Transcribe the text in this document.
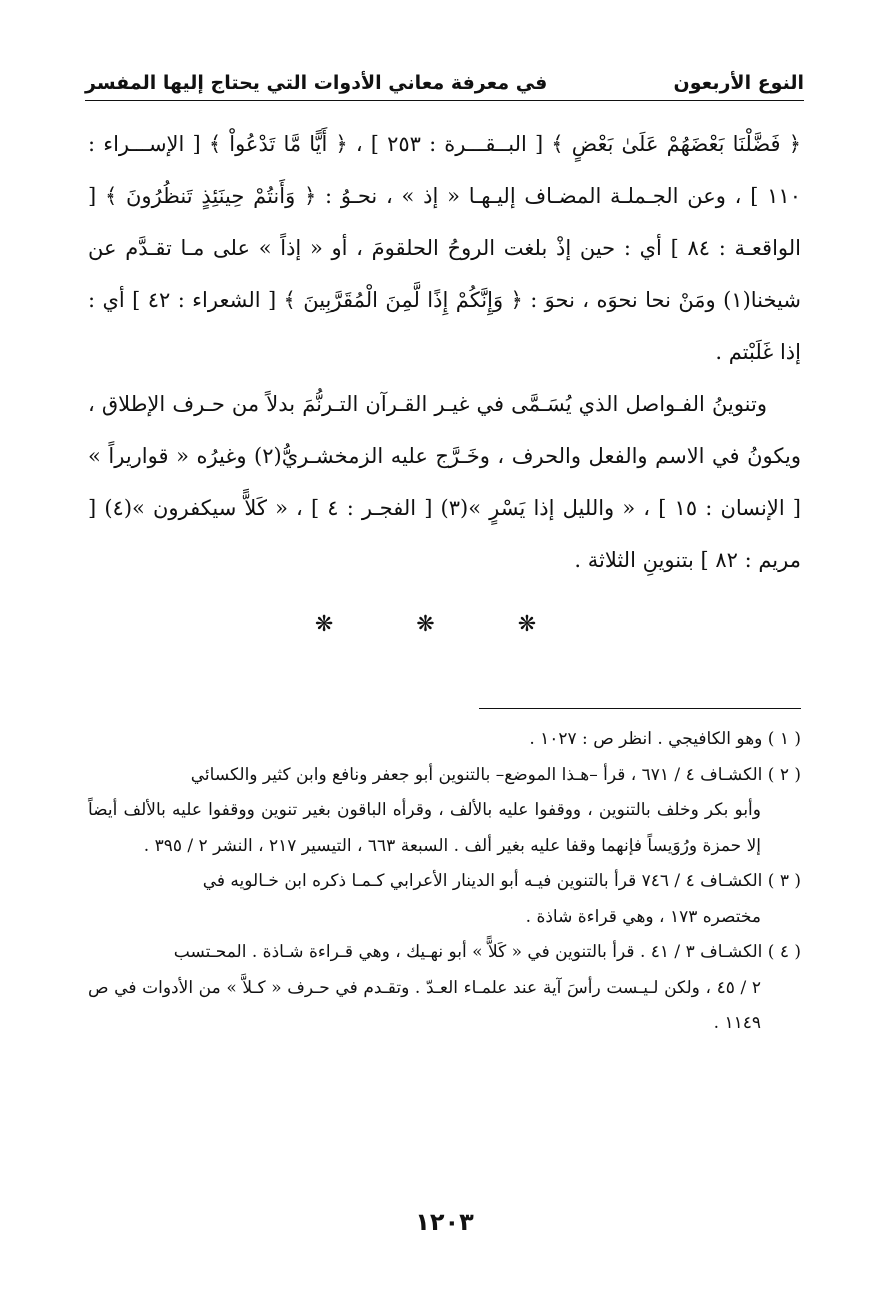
النوع الأربعون
في معرفة معاني الأدوات التي يحتاج إليها المفسر

﴿ فَضَّلْنَا بَعْضَهُمْ عَلَىٰ بَعْضٍ ﴾ [ البــقـــرة : ٢٥٣ ] ، ﴿ أَيًّا مَّا تَدْعُواْ ﴾ [ الإســـراء : ١١٠ ] ، وعن الجـملـة المضـاف إليـهـا « إذ » ، نحـوُ : ﴿ وَأَنتُمْ حِينَئِذٍ تَنظُرُونَ ﴾ [ الواقعـة : ٨٤ ] أي : حين إذْ بلغت الروحُ الحلقومَ ، أو « إذاً » على مـا تقـدَّم عن شيخنا(١) ومَنْ نحا نحوَه ، نحوَ : ﴿ وَإِنَّكُمْ إِذًا لَّمِنَ الْمُقَرَّبِينَ ﴾ [ الشعراء : ٤٢ ] أي : إذا غَلَبْتم .

وتنوينُ الفـواصل الذي يُسَـمَّى في غيـر القـرآن التـرنُّمَ بدلاً من حـرف الإطلاق ، ويكونُ في الاسم والفعل والحرف ، وخَـرَّج عليه الزمخشـريُّ(٢) وغيرُه « قواريراً » [ الإنسان : ١٥ ] ، « والليل إذا يَسْرٍ »(٣) [ الفجـر : ٤ ] ، « كَلاًّ سيكفرون »(٤) [ مريم : ٨٢ ] بتنوينِ الثلاثة .

❋ ❋ ❋

( ١ ) وهو الكافيجي . انظر ص : ١٠٢٧ .

( ٢ ) الكشـاف ٤ / ٦٧١ ، قرأ –هـذا الموضع– بالتنوين أبو جعفر ونافع وابن كثير والكسائي

وأبو بكر وخلف بالتنوين ، ووقفوا عليه بالألف ، وقرأه الباقون بغير تنوين ووقفوا عليه بالألف أيضاً إلا حمزة ورُوَيساً فإنهما وقفا عليه بغير ألف . السبعة ٦٦٣ ، التيسير ٢١٧ ، النشر ٢ / ٣٩٥ .

( ٣ ) الكشـاف ٤ / ٧٤٦ قرأ بالتنوين فيـه أبو الدينار الأعرابي كـمـا ذكره ابن خـالويه في

مختصره ١٧٣ ، وهي قراءة شاذة .

( ٤ ) الكشـاف ٣ / ٤١ . قرأ بالتنوين في « كَلاًّ » أبو نهـيك ، وهي قـراءة شـاذة . المحـتسب

٢ / ٤٥ ، ولكن لـيـست رأسَ آية عند علمـاء العـدّ . وتقـدم في حـرف « كـلاَّ » من الأدوات في ص ١١٤٩ .

١٢٠٣
